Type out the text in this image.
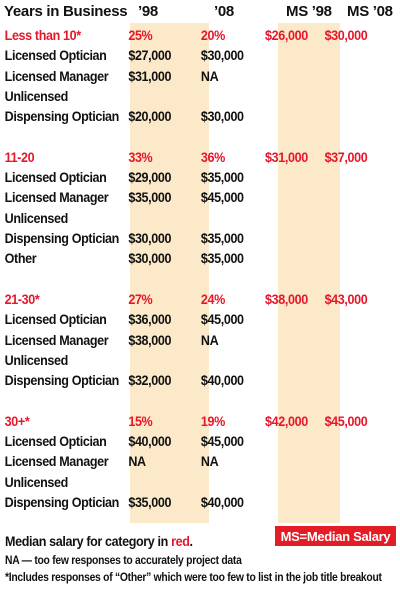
Years in Business ’98	’08	MS ’98 MS ’08
Less than 10*	25%	20%	$26,000 $30,000
Licensed Optician $27,000 $30,000
Licensed Manager $31,000 NA
Unlicensed
Dispensing Optician $20,000 $30,000
11-20	33%	36%	$31,000 $37,000
Licensed Optician $29,000 $35,000
Licensed Manager $35,000 $45,000
Unlicensed
Dispensing Optician $30,000 $35,000
Other	$30,000 $35,000
21-30*	27%	24%	$38,000 $43,000
Licensed Optician $36,000 $45,000
Licensed Manager $38,000 NA
Unlicensed
Dispensing Optician $32,000 $40,000
30+*	15%	19%	$42,000 $45,000
Licensed Optician $40,000 $45,000
Licensed Manager NA	NA
Unlicensed
Dispensing Optician $35,000 $40,000
Median salary for category in red.	MS=Median Salary
NA — too few responses to accurately project data
*Includes responses of “Other” which were too few to list in the job title breakout
